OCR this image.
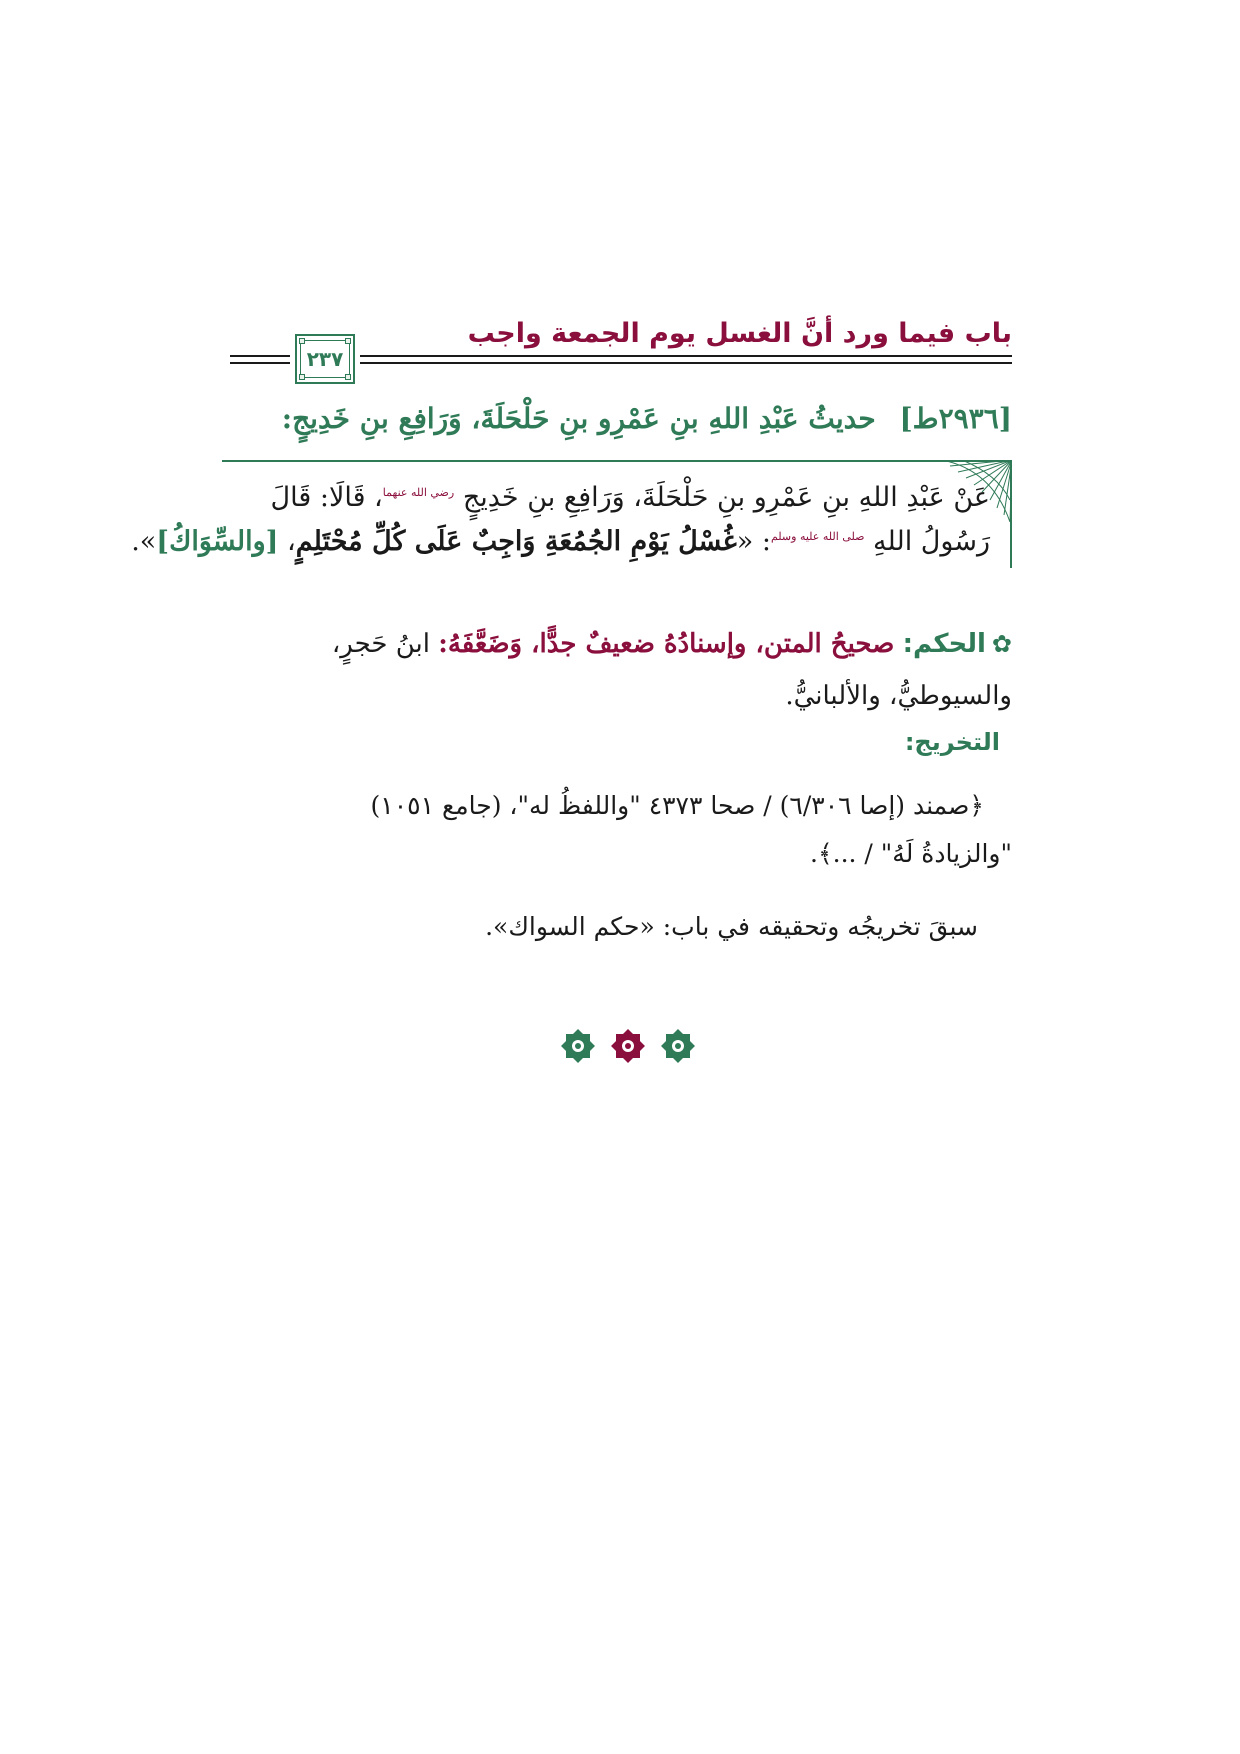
باب فيما ورد أنَّ الغسل يوم الجمعة واجب
٢٣٧
[٢٩٣٦ط] حديثُ عَبْدِ اللهِ بنِ عَمْرِو بنِ حَلْحَلَةَ، وَرَافِعِ بنِ خَدِيجٍ:
عَنْ عَبْدِ اللهِ بنِ عَمْرِو بنِ حَلْحَلَةَ، وَرَافِعِ بنِ خَدِيجٍ $^{رضي الله عنهما}$، قَالَا: قَالَ
رَسُولُ اللهِ $^{صلى الله عليه وسلم}$: «غُسْلُ يَوْمِ الجُمُعَةِ وَاجِبٌ عَلَى كُلِّ مُحْتَلِمٍ، [والسِّوَاكُ]».
✿الحكم: صحيحُ المتن، وإسنادُهُ ضعيفٌ جدًّا، وَضَعَّفَهُ: ابنُ حَجرٍ، والسيوطيُّ، والألبانيُّ.
التخريج:
﴿صمند (إصا ٦/٣٠٦) / صحا ٤٣٧٣ "واللفظُ له"، (جامع ١٠٥١)
"والزيادةُ لَهُ" / ...﴾.
سبقَ تخريجُه وتحقيقه في باب: «حكم السواك».
